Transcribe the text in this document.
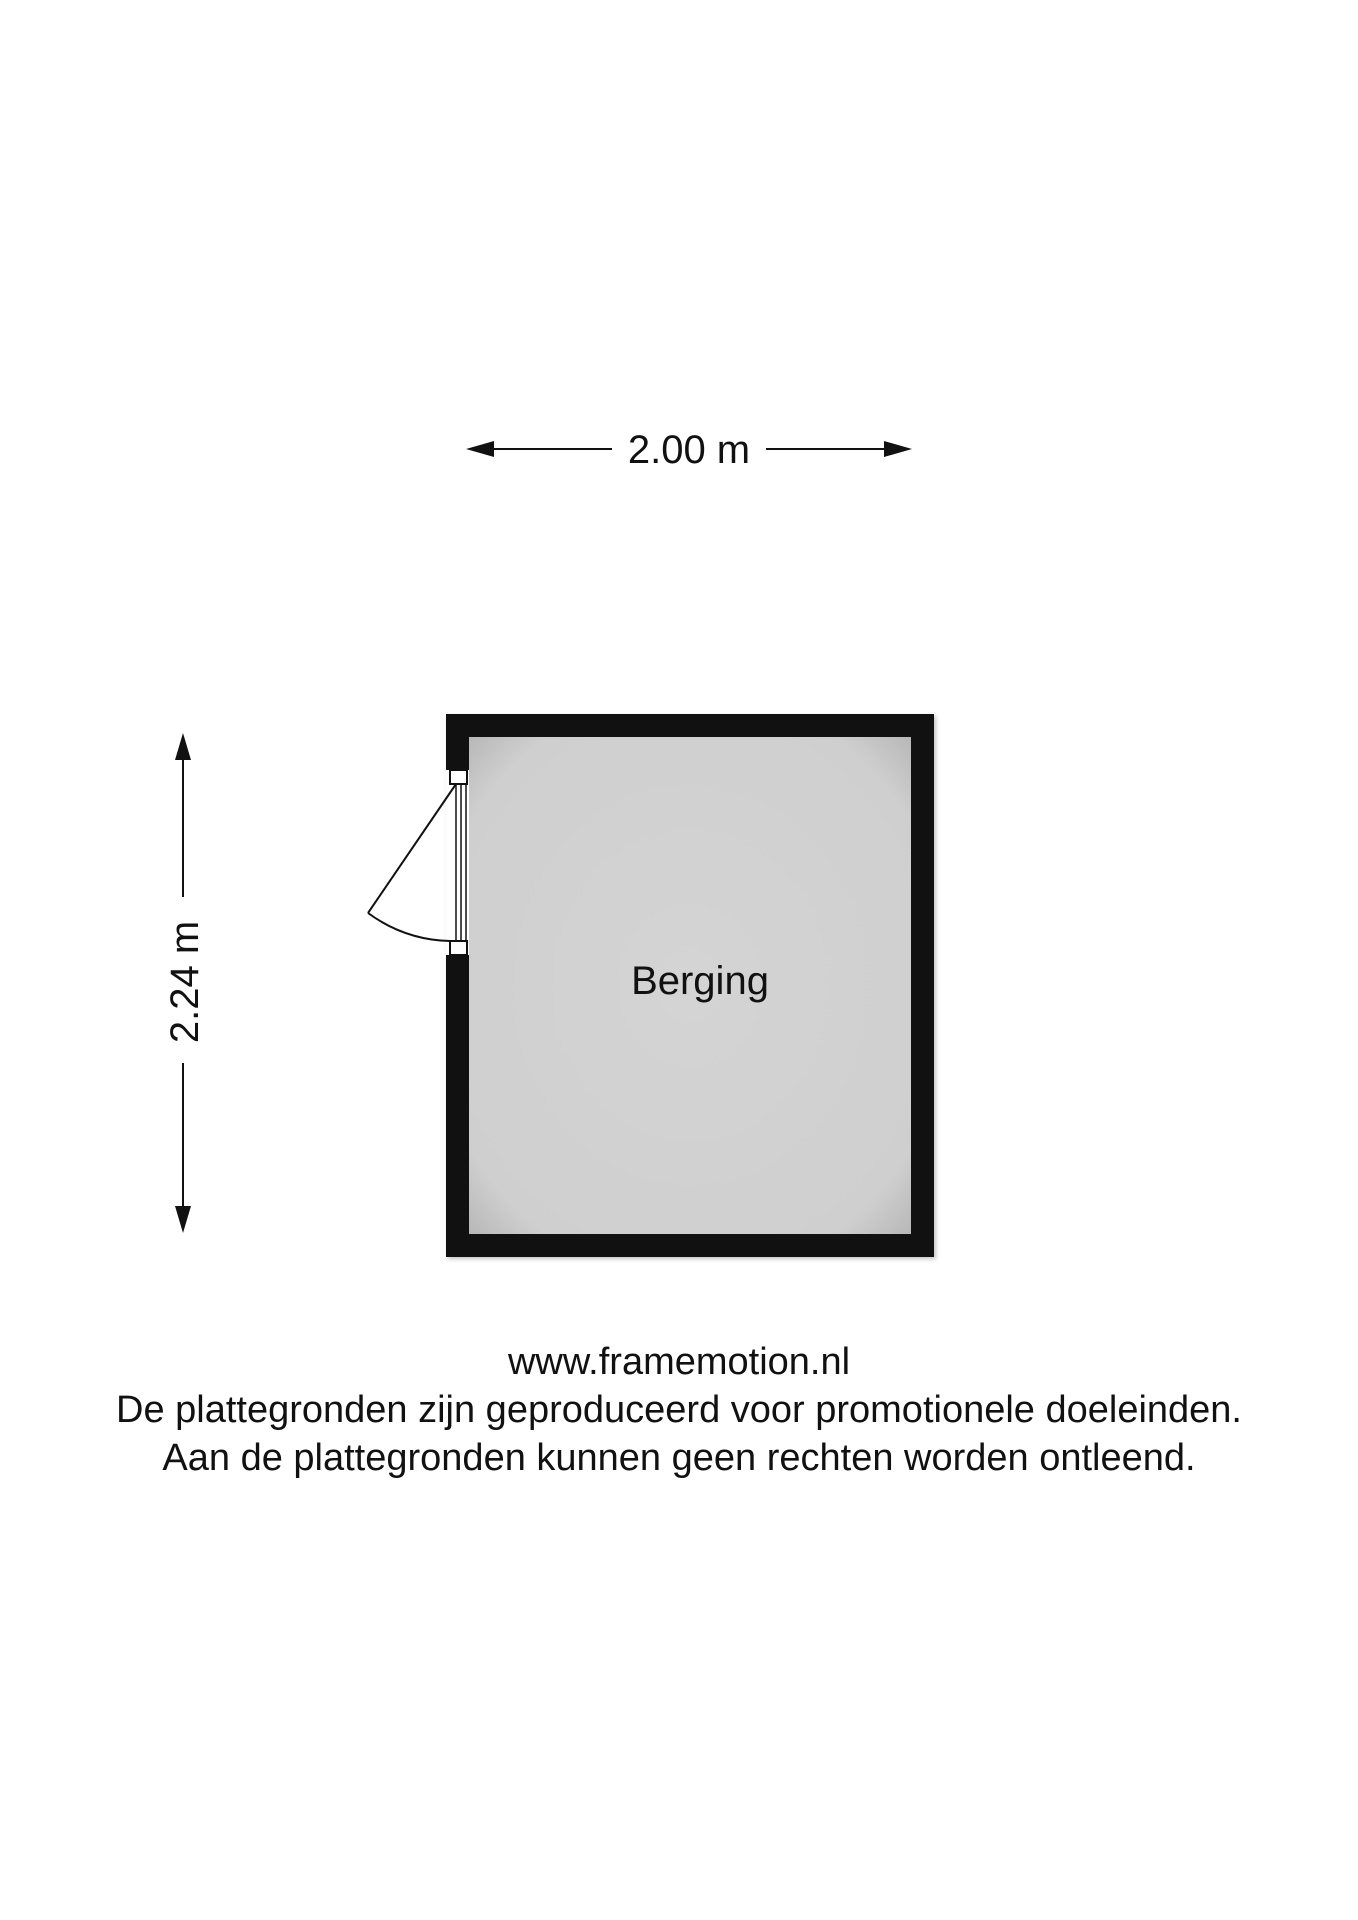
2.00 m
2.24 m	Berging
www.framemotion.nl
De plattegronden zijn geproduceerd voor promotionele doeleinden.
Aan de plattegronden kunnen geen rechten worden ontleend.
